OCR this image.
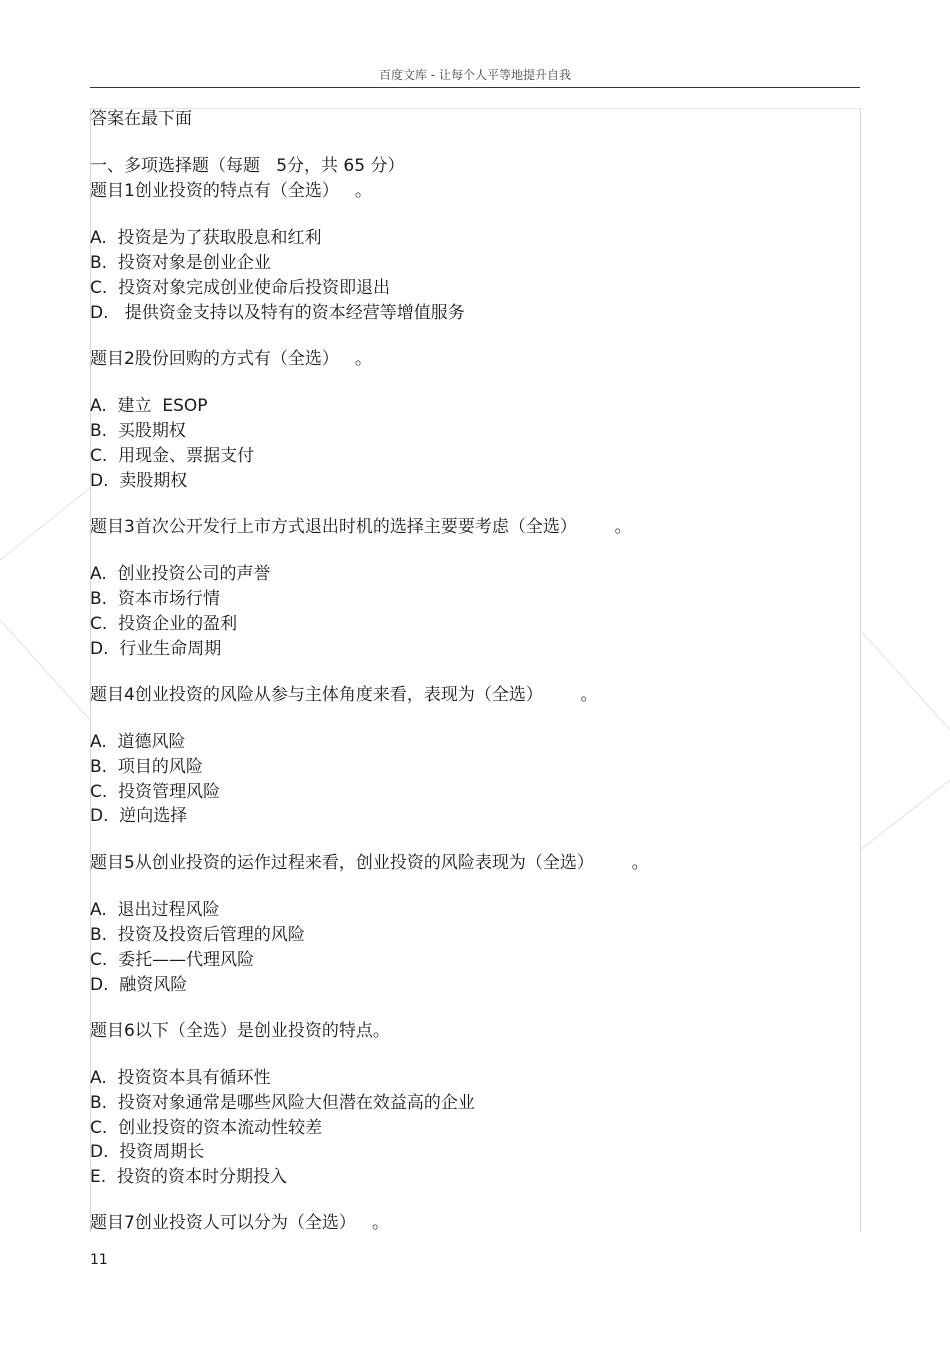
百度文库 - 让每个人平等地提升自我
答案在最下面
一、多项选择题（每题   5分，共 65 分）
题目1创业投资的特点有（全选）   。
A.  投资是为了获取股息和红利
B.  投资对象是创业企业
C.  投资对象完成创业使命后投资即退出
D.   提供资金支持以及特有的资本经营等增值服务
题目2股份回购的方式有（全选）   。
A.  建立  ESOP
B.  买股期权
C.  用现金、票据支付
D.  卖股期权
题目3首次公开发行上市方式退出时机的选择主要要考虑（全选）       。
A.  创业投资公司的声誉
B.  资本市场行情
C.  投资企业的盈利
D.  行业生命周期
题目4创业投资的风险从参与主体角度来看，表现为（全选）       。
A.  道德风险
B.  项目的风险
C.  投资管理风险
D.  逆向选择
题目5从创业投资的运作过程来看，创业投资的风险表现为（全选）       。
A.  退出过程风险
B.  投资及投资后管理的风险
C.  委托——代理风险
D.  融资风险
题目6以下（全选）是创业投资的特点。
A.  投资资本具有循环性
B.  投资对象通常是哪些风险大但潜在效益高的企业
C.  创业投资的资本流动性较差
D.  投资周期长
E.  投资的资本时分期投入
题目7创业投资人可以分为（全选）   。
11
